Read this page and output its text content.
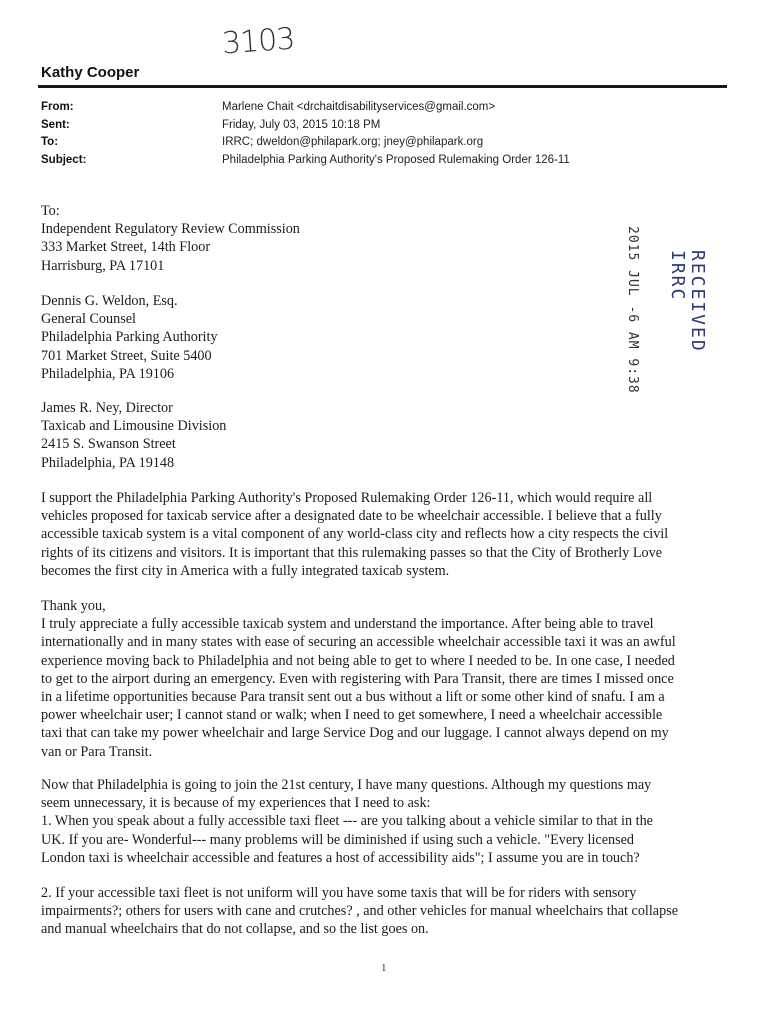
3103
Kathy Cooper
From:	Marlene Chait <drchaitdisabilityservices@gmail.com>
Sent:	Friday, July 03, 2015 10:18 PM
To:	IRRC; dweldon@philapark.org; jney@philapark.org
Subject:	Philadelphia Parking Authority's Proposed Rulemaking Order 126-11
To:
Independent Regulatory Review Commission
333 Market Street, 14th Floor
Harrisburg, PA 17101
Dennis G. Weldon, Esq.
General Counsel
Philadelphia Parking Authority
701 Market Street, Suite 5400
Philadelphia, PA 19106
James R. Ney, Director
Taxicab and Limousine Division
2415 S. Swanson Street
Philadelphia, PA 19148
I support the Philadelphia Parking Authority's Proposed Rulemaking Order 126-11, which would require all
vehicles proposed for taxicab service after a designated date to be wheelchair accessible. I believe that a fully
accessible taxicab system is a vital component of any world-class city and reflects how a city respects the civil
rights of its citizens and visitors. It is important that this rulemaking passes so that the City of Brotherly Love
becomes the first city in America with a fully integrated taxicab system.
Thank you,
I truly appreciate a fully accessible taxicab system and understand the importance. After being able to travel
internationally and in many states with ease of securing an accessible wheelchair accessible taxi it was an awful
experience moving back to Philadelphia and not being able to get to where I needed to be. In one case, I needed
to get to the airport during an emergency. Even with registering with Para Transit, there are times I missed once
in a lifetime opportunities because Para transit sent out a bus without a lift or some other kind of snafu. I am a
power wheelchair user; I cannot stand or walk; when I need to get somewhere, I need a wheelchair accessible
taxi that can take my power wheelchair and large Service Dog and our luggage. I cannot always depend on my
van or Para Transit.
Now that Philadelphia is going to join the 21st century, I have many questions. Although my questions may
seem unnecessary, it is because of my experiences that I need to ask:
1. When you speak about a fully accessible taxi fleet --- are you talking about a vehicle similar to that in the
UK. If you are- Wonderful--- many problems will be diminished if using such a vehicle. "Every licensed
London taxi is wheelchair accessible and features a host of accessibility aids"; I assume you are in touch?
2. If your accessible taxi fleet is not uniform will you have some taxis that will be for riders with sensory
impairments?; others for users with cane and crutches? , and other vehicles for manual wheelchairs that collapse
and manual wheelchairs that do not collapse, and so the list goes on.
2015 JUL -6 AM 9:38	RECEIVED
IRRC
1
